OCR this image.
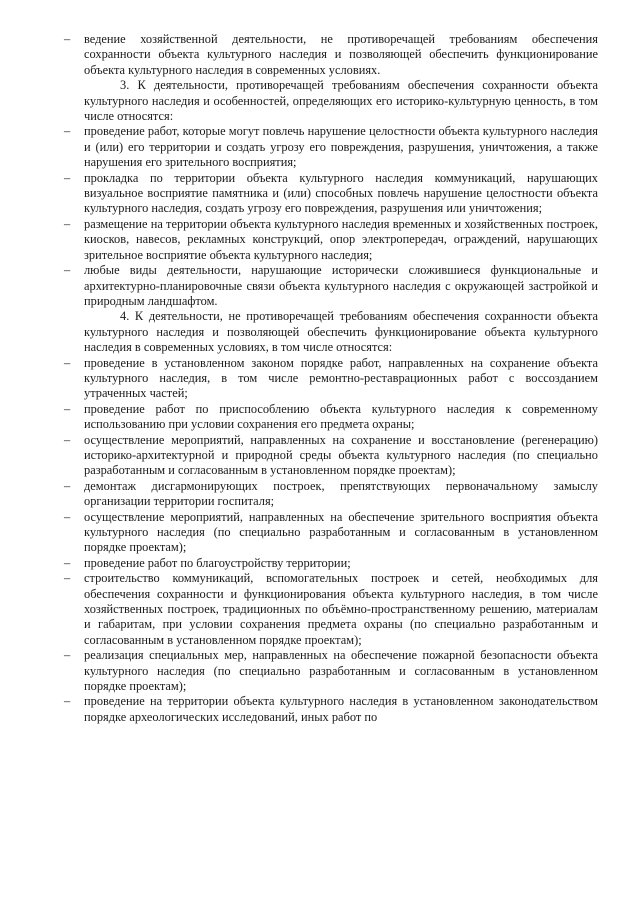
– ведение хозяйственной деятельности, не противоречащей требованиям обеспечения сохранности объекта культурного наследия и позволяющей обеспечить функционирование объекта культурного наследия в современных условиях.

3. К деятельности, противоречащей требованиям обеспечения сохранности объекта культурного наследия и особенностей, определяющих его историко-культурную ценность, в том числе относятся:

– проведение работ, которые могут повлечь нарушение целостности объекта культурного наследия и (или) его территории и создать угрозу его повреждения, разрушения, уничтожения, а также нарушения его зрительного восприятия;
– прокладка по территории объекта культурного наследия коммуникаций, нарушающих визуальное восприятие памятника и (или) способных повлечь нарушение целостности объекта культурного наследия, создать угрозу его повреждения, разрушения или уничтожения;
– размещение на территории объекта культурного наследия временных и хозяйственных построек, киосков, навесов, рекламных конструкций, опор электропередач, ограждений, нарушающих зрительное восприятие объекта культурного наследия;
– любые виды деятельности, нарушающие исторически сложившиеся функциональные и архитектурно-планировочные связи объекта культурного наследия с окружающей застройкой и природным ландшафтом.

4. К деятельности, не противоречащей требованиям обеспечения сохранности объекта культурного наследия и позволяющей обеспечить функционирование объекта культурного наследия в современных условиях, в том числе относятся:

– проведение в установленном законом порядке работ, направленных на сохранение объекта культурного наследия, в том числе ремонтно-реставрационных работ с воссозданием утраченных частей;
– проведение работ по приспособлению объекта культурного наследия к современному использованию при условии сохранения его предмета охраны;
– осуществление мероприятий, направленных на сохранение и восстановление (регенерацию) историко-архитектурной и природной среды объекта культурного наследия (по специально разработанным и согласованным в установленном порядке проектам);
– демонтаж дисгармонирующих построек, препятствующих первоначальному замыслу организации территории госпиталя;
– осуществление мероприятий, направленных на обеспечение зрительного восприятия объекта культурного наследия (по специально разработанным и согласованным в установленном порядке проектам);
– проведение работ по благоустройству территории;
– строительство коммуникаций, вспомогательных построек и сетей, необходимых для обеспечения сохранности и функционирования объекта культурного наследия, в том числе хозяйственных построек, традиционных по объёмно-пространственному решению, материалам и габаритам, при условии сохранения предмета охраны (по специально разработанным и согласованным в установленном порядке проектам);
– реализация специальных мер, направленных на обеспечение пожарной безопасности объекта культурного наследия (по специально разработанным и согласованным в установленном порядке проектам);
– проведение на территории объекта культурного наследия в установленном законодательством порядке археологических исследований, иных работ по
